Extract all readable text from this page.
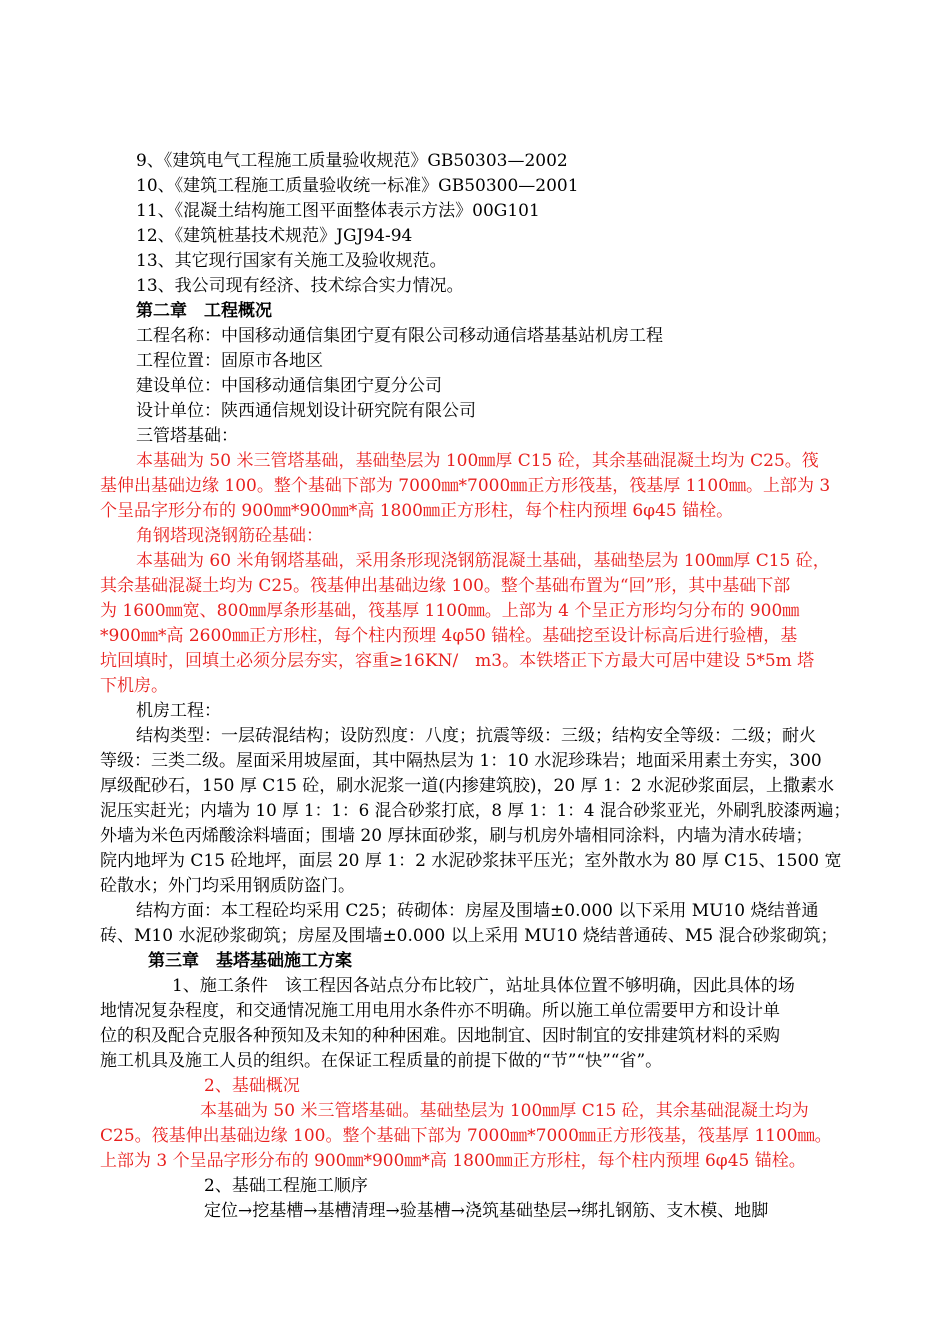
9、《建筑电气工程施工质量验收规范》GB50303—2002
10、《建筑工程施工质量验收统一标准》GB50300—2001
11、《混凝土结构施工图平面整体表示方法》00G101
12、《建筑桩基技术规范》JGJ94-94
13、其它现行国家有关施工及验收规范。
13、我公司现有经济、技术综合实力情况。
第二章　工程概况
工程名称：中国移动通信集团宁夏有限公司移动通信塔基基站机房工程
工程位置：固原市各地区
建设单位：中国移动通信集团宁夏分公司
设计单位：陕西通信规划设计研究院有限公司
三管塔基础：
本基础为 50 米三管塔基础，基础垫层为 100㎜厚 C15 砼，其余基础混凝土均为 C25。筏
基伸出基础边缘 100。整个基础下部为 7000㎜*7000㎜正方形筏基，筏基厚 1100㎜。上部为 3
个呈品字形分布的 900㎜*900㎜*高 1800㎜正方形柱，每个柱内预埋 6φ45 锚栓。
角钢塔现浇钢筋砼基础：
本基础为 60 米角钢塔基础，采用条形现浇钢筋混凝土基础，基础垫层为 100㎜厚 C15 砼，
其余基础混凝土均为 C25。筏基伸出基础边缘 100。整个基础布置为“回”形，其中基础下部
为 1600㎜宽、800㎜厚条形基础，筏基厚 1100㎜。上部为 4 个呈正方形均匀分布的 900㎜
*900㎜*高 2600㎜正方形柱，每个柱内预埋 4φ50 锚栓。基础挖至设计标高后进行验槽，基
坑回填时，回填土必须分层夯实，容重≥16KN/　m3。本铁塔正下方最大可居中建设 5*5m 塔
下机房。
机房工程：
结构类型：一层砖混结构；设防烈度：八度；抗震等级：三级；结构安全等级：二级；耐火
等级：三类二级。屋面采用坡屋面，其中隔热层为 1：10 水泥珍珠岩；地面采用素土夯实，300
厚级配砂石，150 厚 C15 砼，刷水泥浆一道(内掺建筑胶)，20 厚 1：2 水泥砂浆面层，上撒素水
泥压实赶光；内墙为 10 厚 1：1：6 混合砂浆打底，8 厚 1：1：4 混合砂浆亚光，外刷乳胶漆两遍；
外墙为米色丙烯酸涂料墙面；围墙 20 厚抹面砂浆，刷与机房外墙相同涂料，内墙为清水砖墙；
院内地坪为 C15 砼地坪，面层 20 厚 1：2 水泥砂浆抹平压光；室外散水为 80 厚 C15、1500 宽
砼散水；外门均采用钢质防盗门。
结构方面：本工程砼均采用 C25；砖砌体：房屋及围墙±0.000 以下采用 MU10 烧结普通
砖、M10 水泥砂浆砌筑；房屋及围墙±0.000 以上采用 MU10 烧结普通砖、M5 混合砂浆砌筑；
第三章　基塔基础施工方案
1、施工条件　该工程因各站点分布比较广，站址具体位置不够明确，因此具体的场
地情况复杂程度，和交通情况施工用电用水条件亦不明确。所以施工单位需要甲方和设计单
位的积及配合克服各种预知及未知的种种困难。因地制宜、因时制宜的安排建筑材料的采购
施工机具及施工人员的组织。在保证工程质量的前提下做的“节”“快”“省”。
2、基础概况
本基础为 50 米三管塔基础。基础垫层为 100㎜厚 C15 砼，其余基础混凝土均为
C25。筏基伸出基础边缘 100。整个基础下部为 7000㎜*7000㎜正方形筏基，筏基厚 1100㎜。
上部为 3 个呈品字形分布的 900㎜*900㎜*高 1800㎜正方形柱，每个柱内预埋 6φ45 锚栓。
2、基础工程施工顺序
定位→挖基槽→基槽清理→验基槽→浇筑基础垫层→绑扎钢筋、支木模、地脚
